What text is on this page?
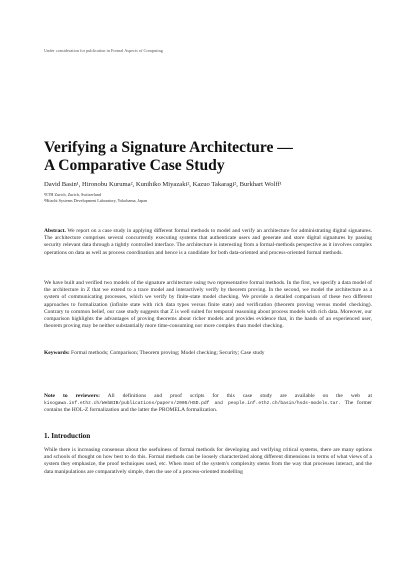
Under consideration for publication in Formal Aspects of Computing
Verifying a Signature Architecture —
A Comparative Case Study
David Basin¹, Hironobu Kuruma², Kunihiko Miyazaki², Kazuo Takaragi², Burkhart Wolff¹
¹ETH Zurich, Zurich, Switzerland
²Hitachi Systems Development Laboratory, Yokohama, Japan

Abstract. We report on a case study in applying different formal methods to model and verify an architecture for administrating digital signatures. The architecture comprises several concurrently executing systems that authenticate users and generate and store digital signatures by passing security relevant data through a tightly controlled interface. The architecture is interesting from a formal-methods perspective as it involves complex operations on data as well as process coordination and hence is a candidate for both data-oriented and process-oriented formal methods.

We have built and verified two models of the signature architecture using two representative formal methods. In the first, we specify a data model of the architecture in Z that we extend to a trace model and interactively verify by theorem proving. In the second, we model the architecture as a system of communicating processes, which we verify by finite-state model checking. We provide a detailed comparison of these two different approaches to formalization (infinite state with rich data types versus finite state) and verification (theorem proving versus model checking). Contrary to common belief, our case study suggests that Z is well suited for temporal reasoning about process models with rich data. Moreover, our comparison highlights the advantages of proving theorems about richer models and provides evidence that, in the hands of an experienced user, theorem proving may be neither substantially more time-consuming nor more complex than model checking.

Keywords: Formal methods; Comparison; Theorem proving; Model checking; Security; Case study

Note to reviewers: All definitions and proof scripts for this case study are available on the web at kisogawa.inf.ethz.ch/WebBIB/publications/papers/2005/HSD.pdf and people.inf.ethz.ch/basin/hsds-models.tar. The former contains the HOL-Z formalization and the latter the PROMELA formalization.

1. Introduction

While there is increasing consensus about the usefulness of formal methods for developing and verifying critical systems, there are many options and schools of thought on how best to do this. Formal methods can be loosely characterized along different dimensions in terms of what views of a system they emphasize, the proof techniques used, etc. When most of the system's complexity stems from the way that processes interact, and the data manipulations are comparatively simple, then the use of a process-oriented modelling
